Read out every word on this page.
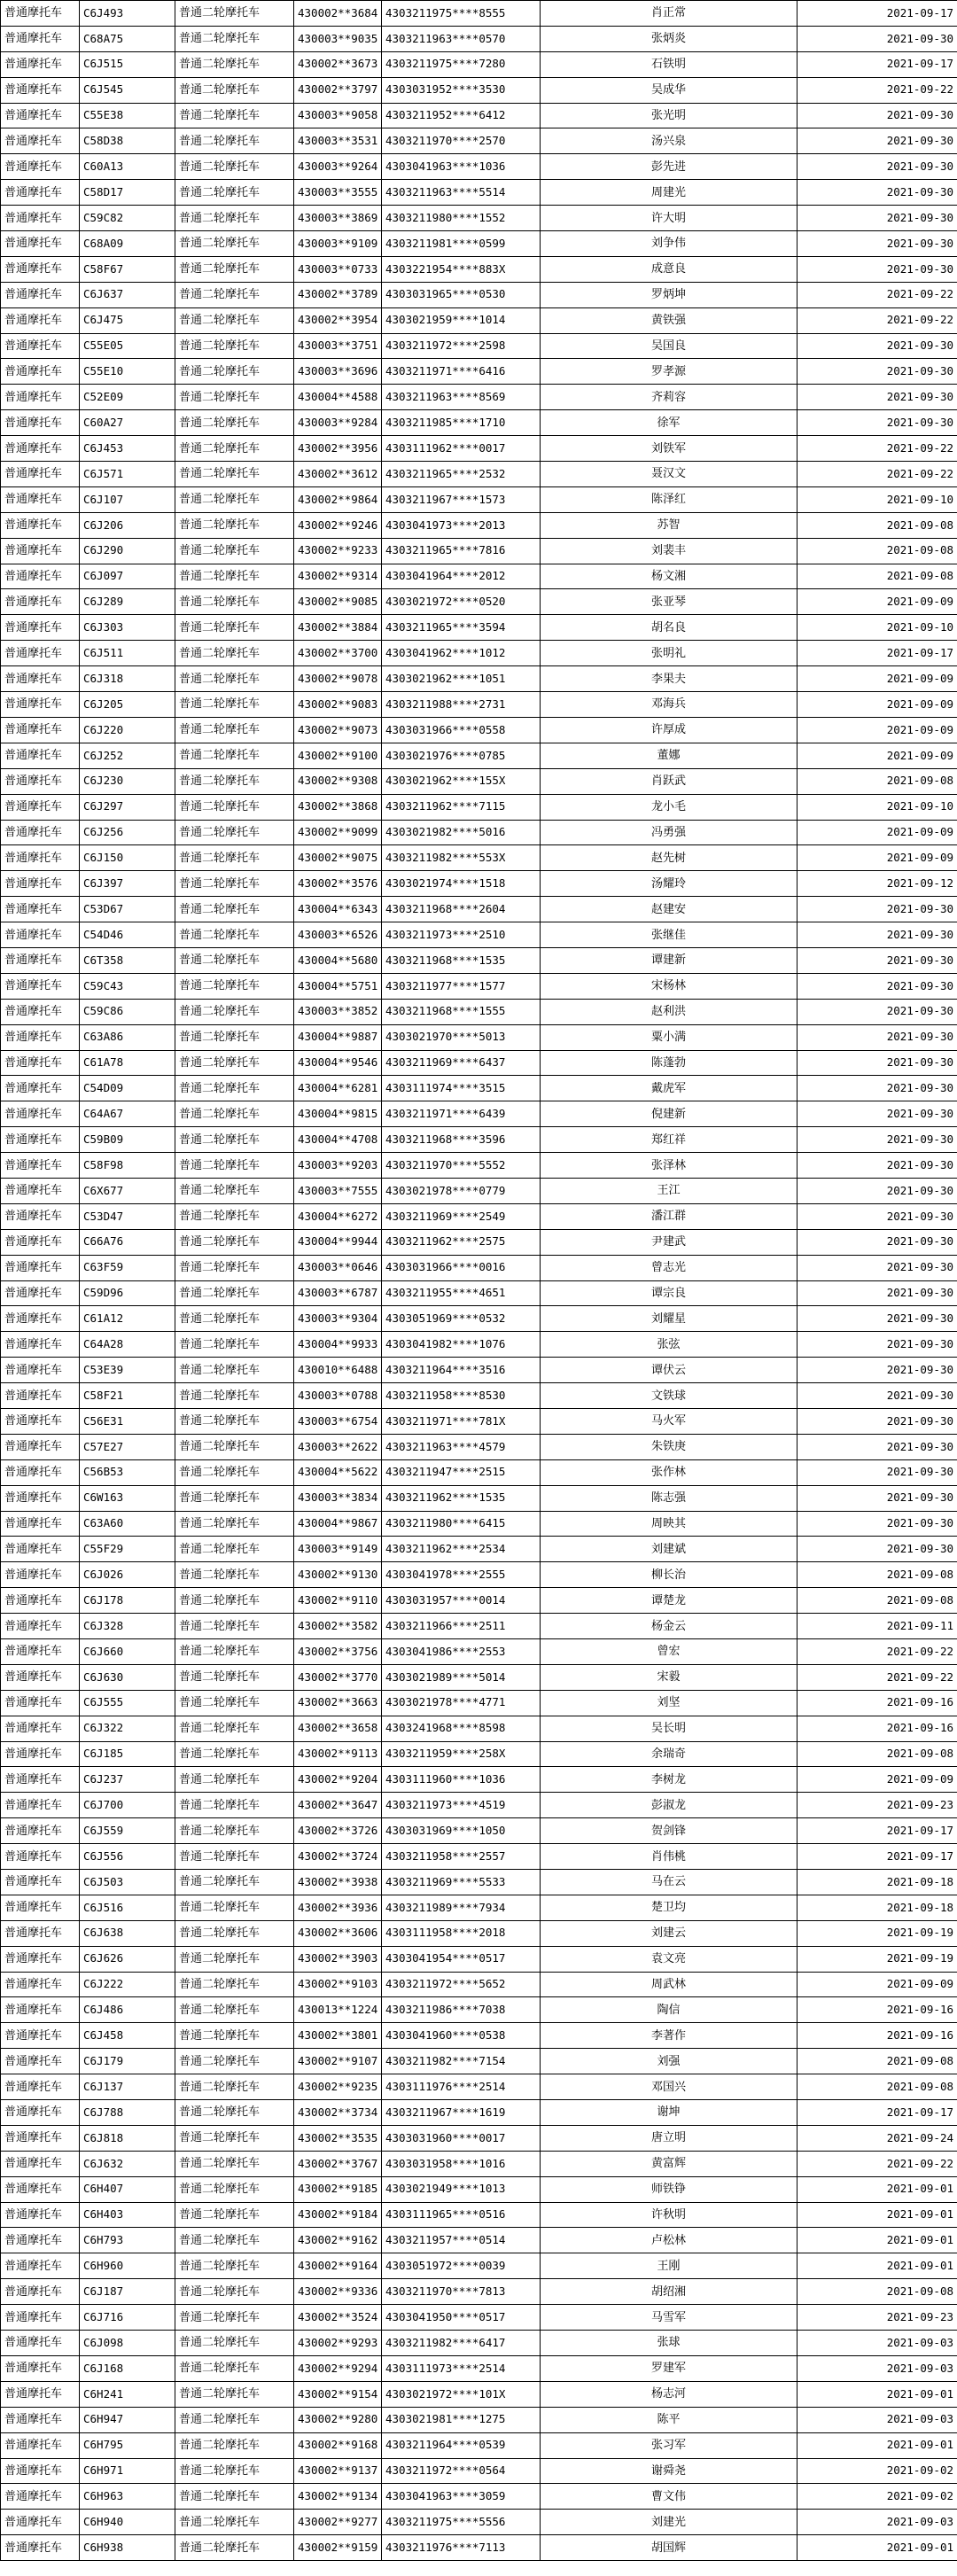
普通摩托车	C6J493	普通二轮摩托车	430002**3684	4303211975****8555	肖正常	2021-09-17
普通摩托车	C68A75	普通二轮摩托车	430003**9035	4303211963****0570	张炳炎	2021-09-30
普通摩托车	C6J515	普通二轮摩托车	430002**3673	4303211975****7280	石铁明	2021-09-17
普通摩托车	C6J545	普通二轮摩托车	430002**3797	4303031952****3530	吴成华	2021-09-22
普通摩托车	C55E38	普通二轮摩托车	430003**9058	4303211952****6412	张光明	2021-09-30
普通摩托车	C58D38	普通二轮摩托车	430003**3531	4303211970****2570	汤兴泉	2021-09-30
普通摩托车	C60A13	普通二轮摩托车	430003**9264	4303041963****1036	彭先进	2021-09-30
普通摩托车	C58D17	普通二轮摩托车	430003**3555	4303211963****5514	周建光	2021-09-30
普通摩托车	C59C82	普通二轮摩托车	430003**3869	4303211980****1552	许大明	2021-09-30
普通摩托车	C68A09	普通二轮摩托车	430003**9109	4303211981****0599	刘争伟	2021-09-30
普通摩托车	C58F67	普通二轮摩托车	430003**0733	4303221954****883X	成意良	2021-09-30
普通摩托车	C6J637	普通二轮摩托车	430002**3789	4303031965****0530	罗炳坤	2021-09-22
普通摩托车	C6J475	普通二轮摩托车	430002**3954	4303021959****1014	黄铁强	2021-09-22
普通摩托车	C55E05	普通二轮摩托车	430003**3751	4303211972****2598	吴国良	2021-09-30
普通摩托车	C55E10	普通二轮摩托车	430003**3696	4303211971****6416	罗孝源	2021-09-30
普通摩托车	C52E09	普通二轮摩托车	430004**4588	4303211963****8569	齐莉容	2021-09-30
普通摩托车	C60A27	普通二轮摩托车	430003**9284	4303211985****1710	徐军	2021-09-30
普通摩托车	C6J453	普通二轮摩托车	430002**3956	4303111962****0017	刘铁军	2021-09-22
普通摩托车	C6J571	普通二轮摩托车	430002**3612	4303211965****2532	聂汉文	2021-09-22
普通摩托车	C6J107	普通二轮摩托车	430002**9864	4303211967****1573	陈泽红	2021-09-10
普通摩托车	C6J206	普通二轮摩托车	430002**9246	4303041973****2013	苏智	2021-09-08
普通摩托车	C6J290	普通二轮摩托车	430002**9233	4303211965****7816	刘裴丰	2021-09-08
普通摩托车	C6J097	普通二轮摩托车	430002**9314	4303041964****2012	杨文湘	2021-09-08
普通摩托车	C6J289	普通二轮摩托车	430002**9085	4303021972****0520	张亚琴	2021-09-09
普通摩托车	C6J303	普通二轮摩托车	430002**3884	4303211965****3594	胡名良	2021-09-10
普通摩托车	C6J511	普通二轮摩托车	430002**3700	4303041962****1012	张明礼	2021-09-17
普通摩托车	C6J318	普通二轮摩托车	430002**9078	4303021962****1051	李果夫	2021-09-09
普通摩托车	C6J205	普通二轮摩托车	430002**9083	4303211988****2731	邓海兵	2021-09-09
普通摩托车	C6J220	普通二轮摩托车	430002**9073	4303031966****0558	许厚成	2021-09-09
普通摩托车	C6J252	普通二轮摩托车	430002**9100	4303021976****0785	董娜	2021-09-09
普通摩托车	C6J230	普通二轮摩托车	430002**9308	4303021962****155X	肖跃武	2021-09-08
普通摩托车	C6J297	普通二轮摩托车	430002**3868	4303211962****7115	龙小毛	2021-09-10
普通摩托车	C6J256	普通二轮摩托车	430002**9099	4303021982****5016	冯勇强	2021-09-09
普通摩托车	C6J150	普通二轮摩托车	430002**9075	4303211982****553X	赵先树	2021-09-09
普通摩托车	C6J397	普通二轮摩托车	430002**3576	4303021974****1518	汤耀玲	2021-09-12
普通摩托车	C53D67	普通二轮摩托车	430004**6343	4303211968****2604	赵建安	2021-09-30
普通摩托车	C54D46	普通二轮摩托车	430003**6526	4303211973****2510	张继佳	2021-09-30
普通摩托车	C6T358	普通二轮摩托车	430004**5680	4303211968****1535	谭建新	2021-09-30
普通摩托车	C59C43	普通二轮摩托车	430004**5751	4303211977****1577	宋杨林	2021-09-30
普通摩托车	C59C86	普通二轮摩托车	430003**3852	4303211968****1555	赵利洪	2021-09-30
普通摩托车	C63A86	普通二轮摩托车	430004**9887	4303021970****5013	粟小满	2021-09-30
普通摩托车	C61A78	普通二轮摩托车	430004**9546	4303211969****6437	陈蓬勃	2021-09-30
普通摩托车	C54D09	普通二轮摩托车	430004**6281	4303111974****3515	戴虎军	2021-09-30
普通摩托车	C64A67	普通二轮摩托车	430004**9815	4303211971****6439	倪建新	2021-09-30
普通摩托车	C59B09	普通二轮摩托车	430004**4708	4303211968****3596	郑红祥	2021-09-30
普通摩托车	C58F98	普通二轮摩托车	430003**9203	4303211970****5552	张泽林	2021-09-30
普通摩托车	C6X677	普通二轮摩托车	430003**7555	4303021978****0779	王江	2021-09-30
普通摩托车	C53D47	普通二轮摩托车	430004**6272	4303211969****2549	潘江群	2021-09-30
普通摩托车	C66A76	普通二轮摩托车	430004**9944	4303211962****2575	尹建武	2021-09-30
普通摩托车	C63F59	普通二轮摩托车	430003**0646	4303031966****0016	曾志光	2021-09-30
普通摩托车	C59D96	普通二轮摩托车	430003**6787	4303211955****4651	谭宗良	2021-09-30
普通摩托车	C61A12	普通二轮摩托车	430003**9304	4303051969****0532	刘耀星	2021-09-30
普通摩托车	C64A28	普通二轮摩托车	430004**9933	4303041982****1076	张弦	2021-09-30
普通摩托车	C53E39	普通二轮摩托车	430010**6488	4303211964****3516	谭伏云	2021-09-30
普通摩托车	C58F21	普通二轮摩托车	430003**0788	4303211958****8530	文铁球	2021-09-30
普通摩托车	C56E31	普通二轮摩托车	430003**6754	4303211971****781X	马火军	2021-09-30
普通摩托车	C57E27	普通二轮摩托车	430003**2622	4303211963****4579	朱铁庚	2021-09-30
普通摩托车	C56B53	普通二轮摩托车	430004**5622	4303211947****2515	张作林	2021-09-30
普通摩托车	C6W163	普通二轮摩托车	430003**3834	4303211962****1535	陈志强	2021-09-30
普通摩托车	C63A60	普通二轮摩托车	430004**9867	4303211980****6415	周映其	2021-09-30
普通摩托车	C55F29	普通二轮摩托车	430003**9149	4303211962****2534	刘建斌	2021-09-30
普通摩托车	C6J026	普通二轮摩托车	430002**9130	4303041978****2555	柳长治	2021-09-08
普通摩托车	C6J178	普通二轮摩托车	430002**9110	4303031957****0014	谭楚龙	2021-09-08
普通摩托车	C6J328	普通二轮摩托车	430002**3582	4303211966****2511	杨金云	2021-09-11
普通摩托车	C6J660	普通二轮摩托车	430002**3756	4303041986****2553	曾宏	2021-09-22
普通摩托车	C6J630	普通二轮摩托车	430002**3770	4303021989****5014	宋毅	2021-09-22
普通摩托车	C6J555	普通二轮摩托车	430002**3663	4303021978****4771	刘坚	2021-09-16
普通摩托车	C6J322	普通二轮摩托车	430002**3658	4303241968****8598	吴长明	2021-09-16
普通摩托车	C6J185	普通二轮摩托车	430002**9113	4303211959****258X	余瑞奇	2021-09-08
普通摩托车	C6J237	普通二轮摩托车	430002**9204	4303111960****1036	李树龙	2021-09-09
普通摩托车	C6J700	普通二轮摩托车	430002**3647	4303211973****4519	彭淑龙	2021-09-23
普通摩托车	C6J559	普通二轮摩托车	430002**3726	4303031969****1050	贺剑锋	2021-09-17
普通摩托车	C6J556	普通二轮摩托车	430002**3724	4303211958****2557	肖伟桃	2021-09-17
普通摩托车	C6J503	普通二轮摩托车	430002**3938	4303211969****5533	马在云	2021-09-18
普通摩托车	C6J516	普通二轮摩托车	430002**3936	4303211989****7934	楚卫均	2021-09-18
普通摩托车	C6J638	普通二轮摩托车	430002**3606	4303111958****2018	刘建云	2021-09-19
普通摩托车	C6J626	普通二轮摩托车	430002**3903	4303041954****0517	袁文亮	2021-09-19
普通摩托车	C6J222	普通二轮摩托车	430002**9103	4303211972****5652	周武林	2021-09-09
普通摩托车	C6J486	普通二轮摩托车	430013**1224	4303211986****7038	陶信	2021-09-16
普通摩托车	C6J458	普通二轮摩托车	430002**3801	4303041960****0538	李著作	2021-09-16
普通摩托车	C6J179	普通二轮摩托车	430002**9107	4303211982****7154	刘强	2021-09-08
普通摩托车	C6J137	普通二轮摩托车	430002**9235	4303111976****2514	邓国兴	2021-09-08
普通摩托车	C6J788	普通二轮摩托车	430002**3734	4303211967****1619	谢坤	2021-09-17
普通摩托车	C6J818	普通二轮摩托车	430002**3535	4303031960****0017	唐立明	2021-09-24
普通摩托车	C6J632	普通二轮摩托车	430002**3767	4303031958****1016	黄富辉	2021-09-22
普通摩托车	C6H407	普通二轮摩托车	430002**9185	4303021949****1013	师铁铮	2021-09-01
普通摩托车	C6H403	普通二轮摩托车	430002**9184	4303111965****0516	许秋明	2021-09-01
普通摩托车	C6H793	普通二轮摩托车	430002**9162	4303211957****0514	卢松林	2021-09-01
普通摩托车	C6H960	普通二轮摩托车	430002**9164	4303051972****0039	王刚	2021-09-01
普通摩托车	C6J187	普通二轮摩托车	430002**9336	4303211970****7813	胡绍湘	2021-09-08
普通摩托车	C6J716	普通二轮摩托车	430002**3524	4303041950****0517	马雪军	2021-09-23
普通摩托车	C6J098	普通二轮摩托车	430002**9293	4303211982****6417	张球	2021-09-03
普通摩托车	C6J168	普通二轮摩托车	430002**9294	4303111973****2514	罗建军	2021-09-03
普通摩托车	C6H241	普通二轮摩托车	430002**9154	4303021972****101X	杨志河	2021-09-01
普通摩托车	C6H947	普通二轮摩托车	430002**9280	4303021981****1275	陈平	2021-09-03
普通摩托车	C6H795	普通二轮摩托车	430002**9168	4303211964****0539	张习军	2021-09-01
普通摩托车	C6H971	普通二轮摩托车	430002**9137	4303211972****0564	谢舜尧	2021-09-02
普通摩托车	C6H963	普通二轮摩托车	430002**9134	4303041963****3059	曹文伟	2021-09-02
普通摩托车	C6H940	普通二轮摩托车	430002**9277	4303211975****5556	刘建光	2021-09-03
普通摩托车	C6H938	普通二轮摩托车	430002**9159	4303211976****7113	胡国辉	2021-09-01
